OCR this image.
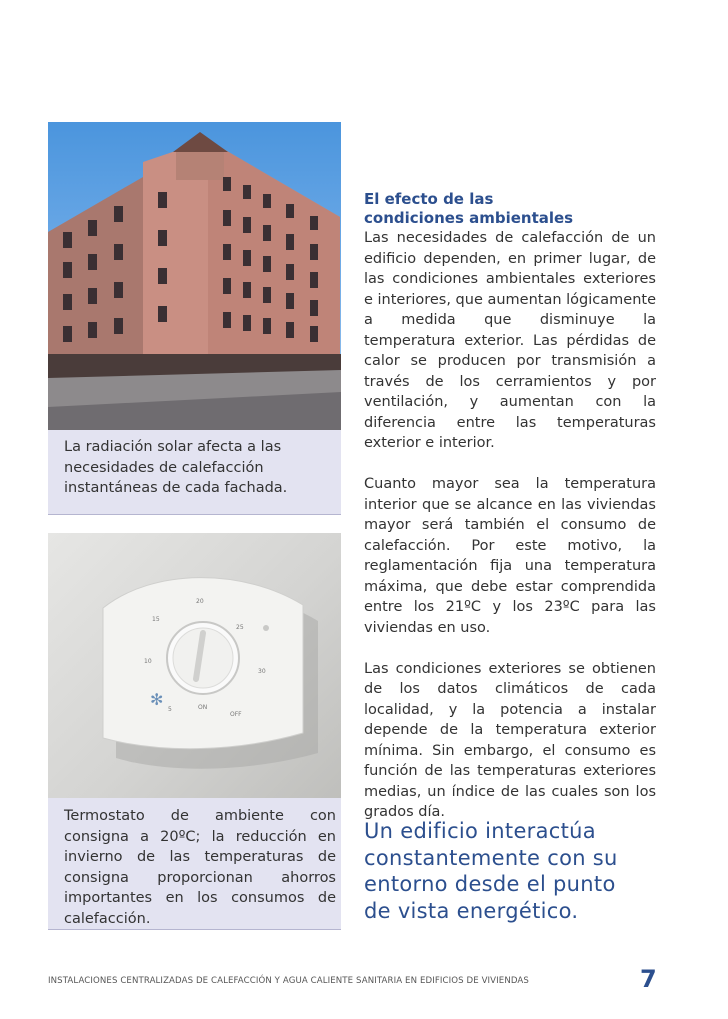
La radiación solar afecta a las necesidades de calefacción instantáneas de cada fachada.
✻
15
20
25
30
10
5	ON
OFF
Termostato de ambiente con consigna a 20ºC; la reducción en invierno de las temperaturas de consigna proporcionan ahorros importantes en los consumos de calefacción.

El efecto de las
condiciones ambientales

Las necesidades de calefacción de un edificio dependen, en primer lugar, de las condiciones ambientales exteriores e interiores, que aumentan lógicamente a medida que disminuye la temperatura exterior. Las pérdidas de calor se producen por transmisión a través de los cerramientos y por ventilación, y aumentan con la diferencia entre las temperaturas exterior e interior.

Cuanto mayor sea la temperatura interior que se alcance en las viviendas mayor será también el consumo de calefacción. Por este motivo, la reglamentación fija una temperatura máxima, que debe estar comprendida entre los 21ºC y los 23ºC para las viviendas en uso.

Las condiciones exteriores se obtienen de los datos climáticos de cada localidad, y la potencia a instalar depende de la temperatura exterior mínima. Sin embargo, el consumo es función de las temperaturas exteriores medias, un índice de las cuales son los grados día.

Un edificio interactúa
constantemente con su
entorno desde el punto
de vista energético.
INSTALACIONES CENTRALIZADAS DE CALEFACCIÓN Y AGUA CALIENTE SANITARIA EN EDIFICIOS DE VIVIENDAS	7
